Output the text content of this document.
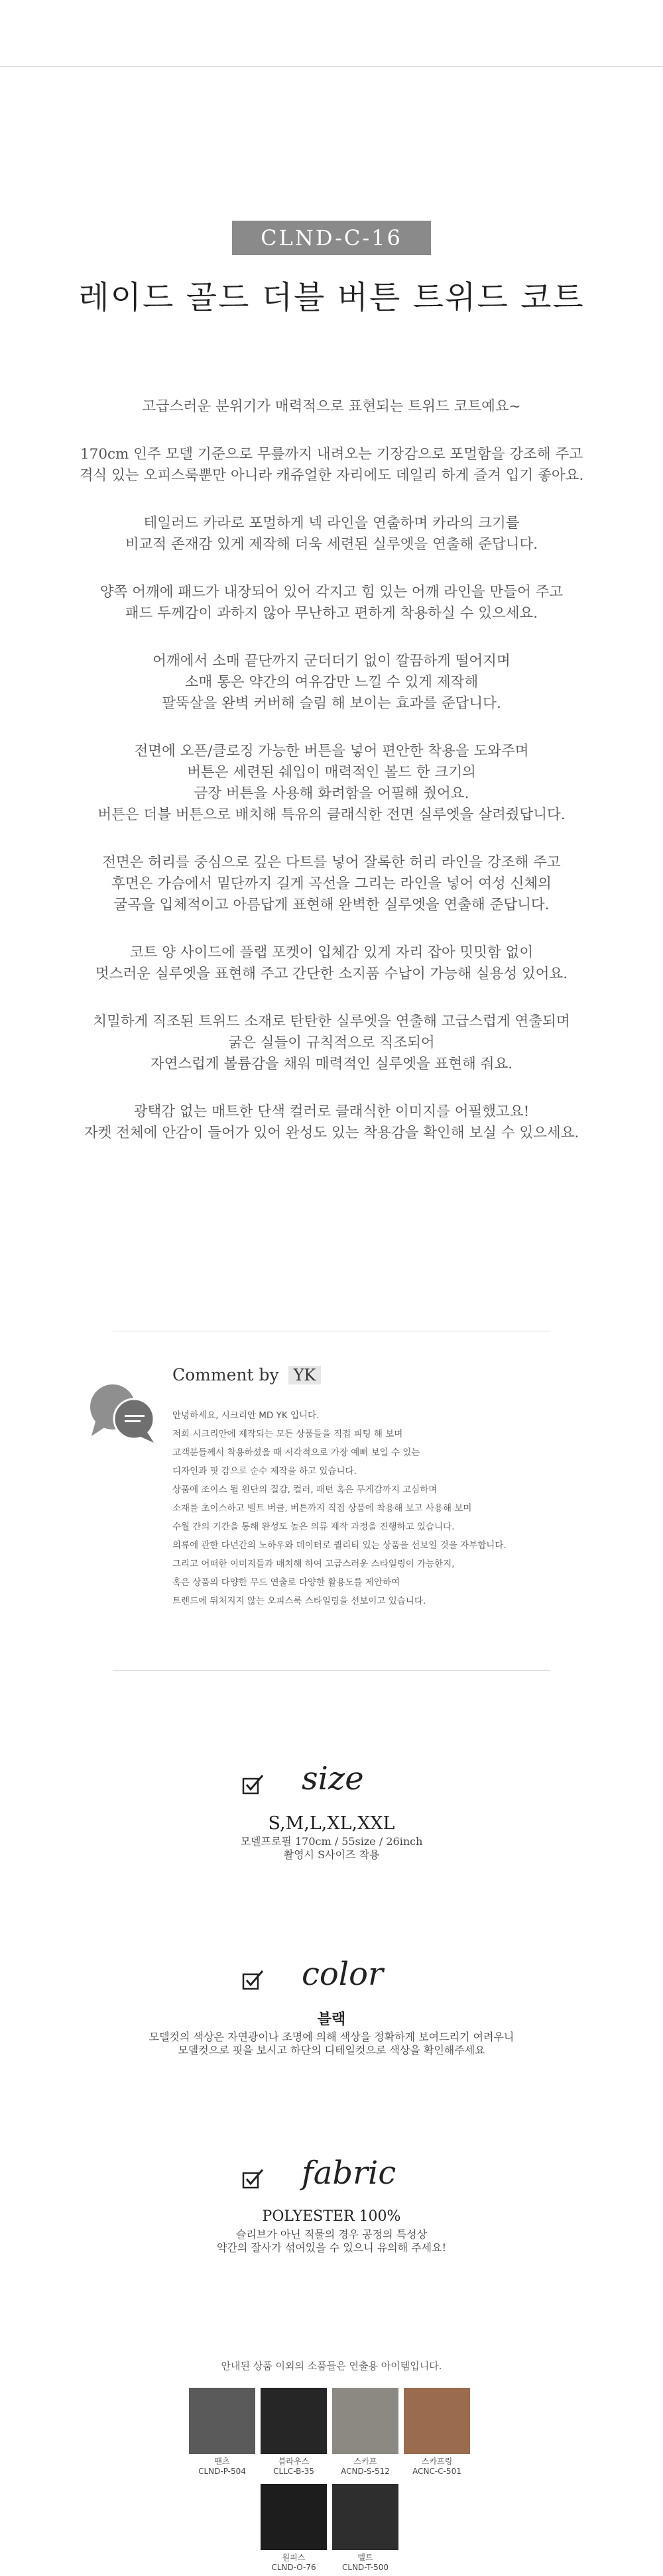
CLND-C-16
레이드 골드 더블 버튼 트위드 코트
고급스러운 분위기가 매력적으로 표현되는 트위드 코트예요~
170cm 인주 모델 기준으로 무릎까지 내려오는 기장감으로 포멀함을 강조해 주고
격식 있는 오피스룩뿐만 아니라 캐쥬얼한 자리에도 데일리 하게 즐겨 입기 좋아요.
테일러드 카라로 포멀하게 넥 라인을 연출하며 카라의 크기를
비교적 존재감 있게 제작해 더욱 세련된 실루엣을 연출해 준답니다.
양쪽 어깨에 패드가 내장되어 있어 각지고 힘 있는 어깨 라인을 만들어 주고
패드 두께감이 과하지 않아 무난하고 편하게 착용하실 수 있으세요.
어깨에서 소매 끝단까지 군더더기 없이 깔끔하게 떨어지며
소매 통은 약간의 여유감만 느낄 수 있게 제작해
팔뚝살을 완벽 커버해 슬림 해 보이는 효과를 준답니다.
전면에 오픈/클로징 가능한 버튼을 넣어 편안한 착용을 도와주며
버튼은 세련된 쉐입이 매력적인 볼드 한 크기의
금장 버튼을 사용해 화려함을 어필해 줬어요.
버튼은 더블 버튼으로 배치해 특유의 클래식한 전면 실루엣을 살려줬답니다.
전면은 허리를 중심으로 깊은 다트를 넣어 잘록한 허리 라인을 강조해 주고
후면은 가슴에서 밑단까지 길게 곡선을 그리는 라인을 넣어 여성 신체의
굴곡을 입체적이고 아름답게 표현해 완벽한 실루엣을 연출해 준답니다.
코트 양 사이드에 플랩 포켓이 입체감 있게 자리 잡아 밋밋함 없이
멋스러운 실루엣을 표현해 주고 간단한 소지품 수납이 가능해 실용성 있어요.
치밀하게 직조된 트위드 소재로 탄탄한 실루엣을 연출해 고급스럽게 연출되며
굵은 실들이 규칙적으로 직조되어
자연스럽게 볼륨감을 채워 매력적인 실루엣을 표현해 줘요.
광택감 없는 매트한 단색 컬러로 클래식한 이미지를 어필했고요!
자켓 전체에 안감이 들어가 있어 완성도 있는 착용감을 확인해 보실 수 있으세요.
Comment by YK
안녕하세요, 시크리안 MD YK 입니다.
저희 시크리안에 제작되는 모든 상품들을 직접 피팅 해 보며
고객분들께서 착용하셨을 때 시각적으로 가장 예뻐 보일 수 있는
디자인과 핏 감으로 순수 제작을 하고 있습니다.
상품에 조이스 될 원단의 질감, 컬러, 패턴 혹은 무게감까지 고심하며
소재를 초이스하고 벨트 버클, 버튼까지 직접 상품에 착용해 보고 사용해 보며
수월 간의 기간을 통해 완성도 높은 의류 제작 과정을 진행하고 있습니다.
의류에 관한 다년간의 노하우와 데이터로 퀄리티 있는 상품을 선보일 것을 자부합니다.
그리고 어떠한 이미지들과 매치해 하여 고급스러운 스타일링이 가능한지,
혹은 상품의 다양한 무드 연출로 다양한 활용도를 제안하여
트렌드에 뒤처지지 않는 오피스룩 스타일링을 선보이고 있습니다.
size
S,M,L,XL,XXL
모델프로필 170cm / 55size / 26inch
촬영시 S사이즈 착용
color
블랙
모델컷의 색상은 자연광이나 조명에 의해 색상을 정확하게 보여드리기 여려우니
모델컷으로 핏을 보시고 하단의 디테일컷으로 색상을 확인해주세요
fabric
POLYESTER 100%
슬리브가 아닌 직물의 경우 공정의 특성상
약간의 잘사가 섞여있을 수 있으니 유의해 주세요!
안내된 상품 이외의 소품들은 연출용 아이템입니다.
팬츠
CLND-P-504
블라우스
CLLC-B-35
스카프
ACND-S-512
스카프링
ACNC-C-501
원피스
CLND-O-76
벨트
CLND-T-500
